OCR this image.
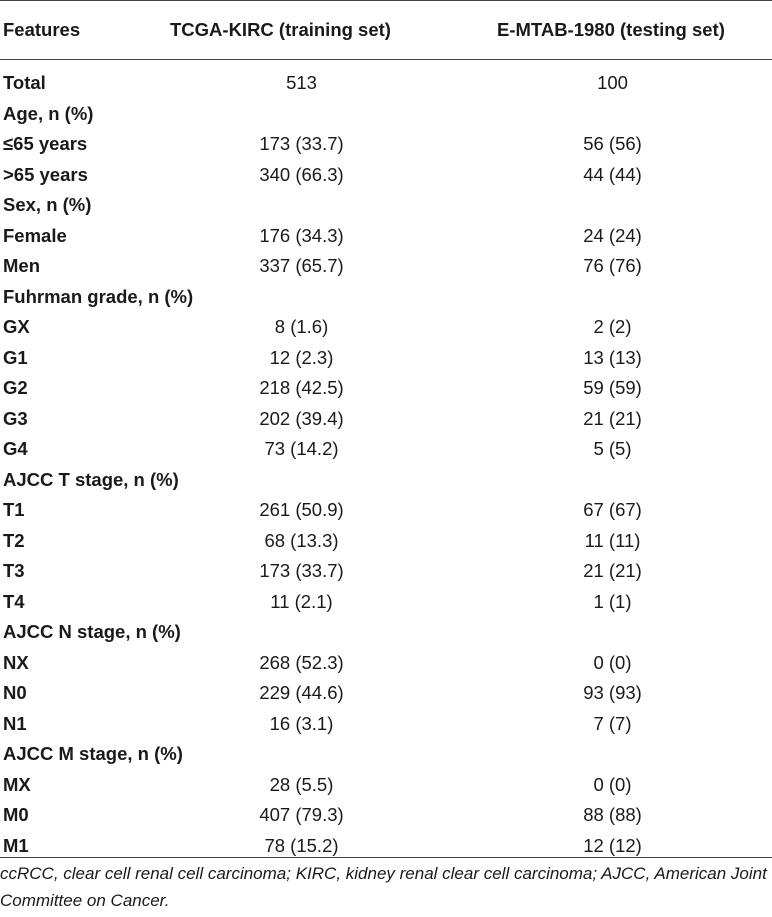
Features	TCGA-KIRC (training set)	E-MTAB-1980 (testing set)
Total	513	100
Age, n (%)		
≤65 years	173 (33.7)	56 (56)
>65 years	340 (66.3)	44 (44)
Sex, n (%)		
Female	176 (34.3)	24 (24)
Men	337 (65.7)	76 (76)
Fuhrman grade, n (%)		
GX	8 (1.6)	2 (2)
G1	12 (2.3)	13 (13)
G2	218 (42.5)	59 (59)
G3	202 (39.4)	21 (21)
G4	73 (14.2)	5 (5)
AJCC T stage, n (%)		
T1	261 (50.9)	67 (67)
T2	68 (13.3)	11 (11)
T3	173 (33.7)	21 (21)
T4	11 (2.1)	1 (1)
AJCC N stage, n (%)		
NX	268 (52.3)	0 (0)
N0	229 (44.6)	93 (93)
N1	16 (3.1)	7 (7)
AJCC M stage, n (%)		
MX	28 (5.5)	0 (0)
M0	407 (79.3)	88 (88)
M1	78 (15.2)	12 (12)
ccRCC, clear cell renal cell carcinoma; KIRC, kidney renal clear cell carcinoma; AJCC, American Joint Committee on Cancer.
